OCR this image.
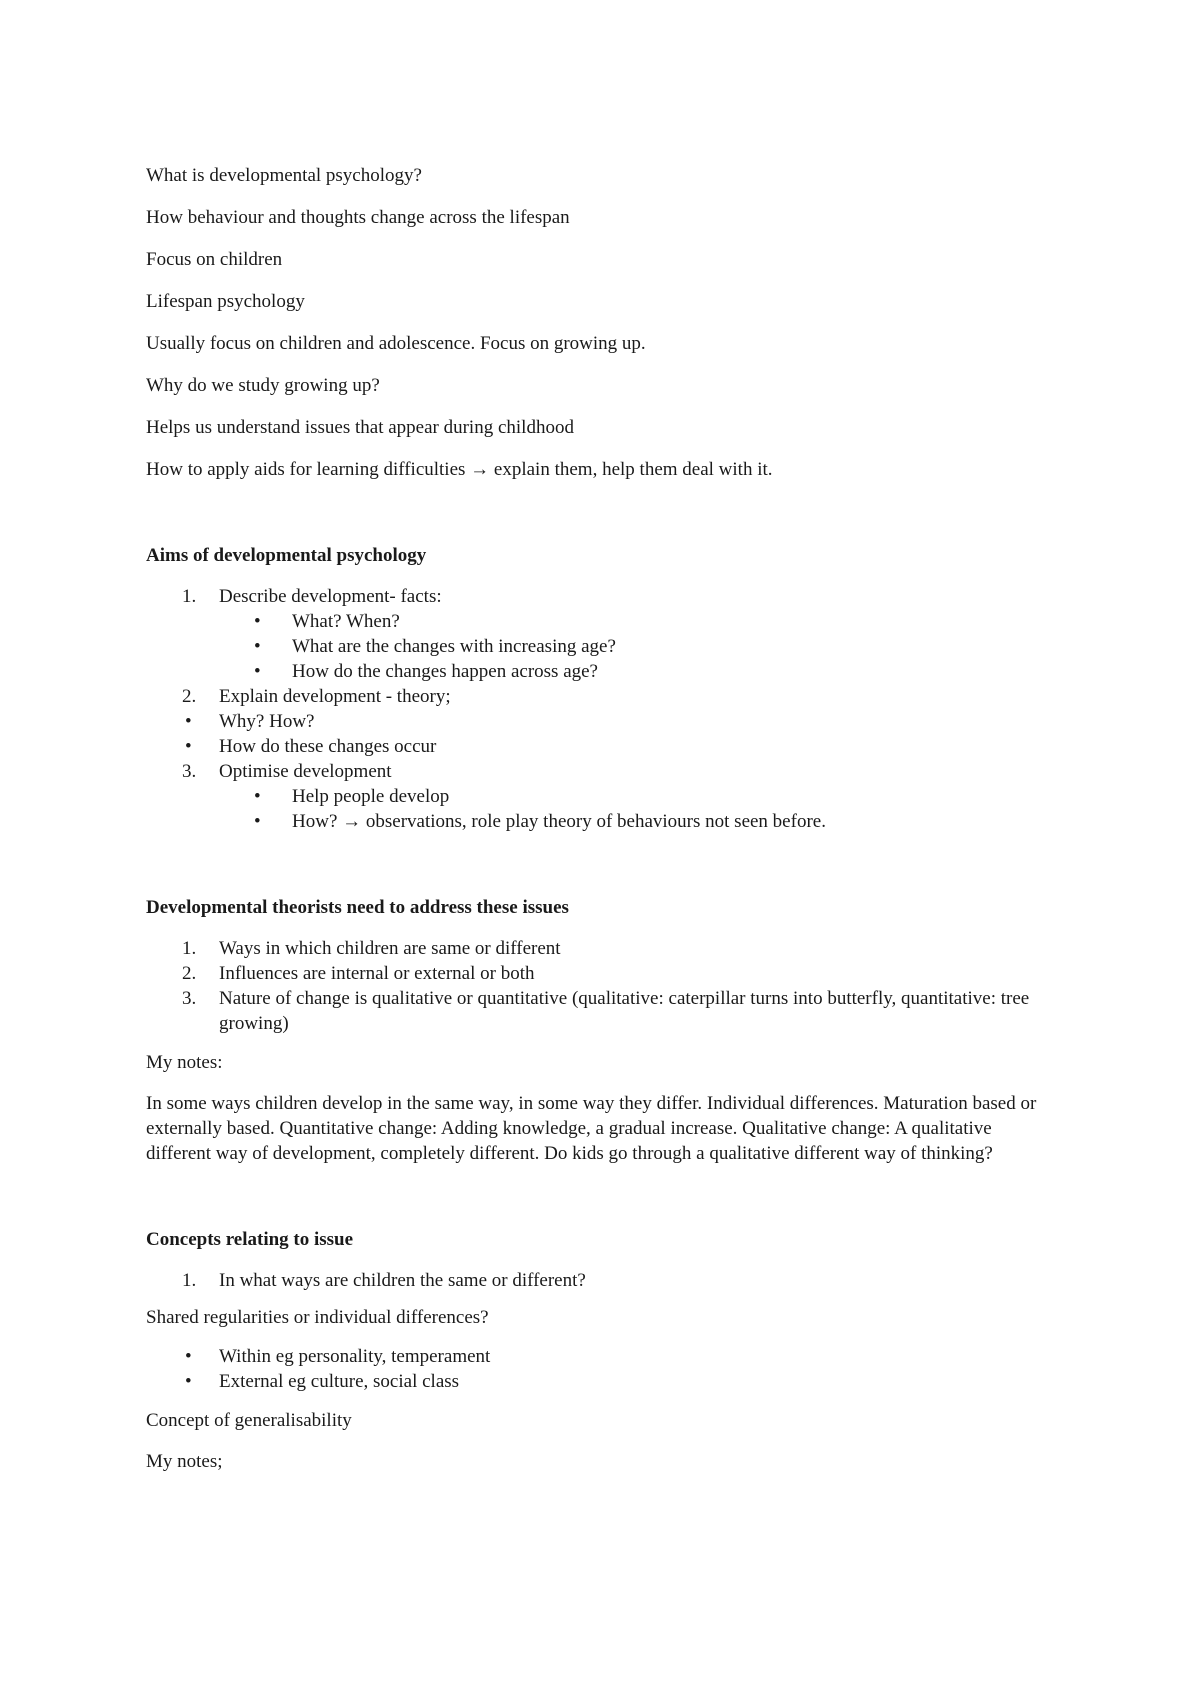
What is developmental psychology?

How behaviour and thoughts change across the lifespan

Focus on children

Lifespan psychology

Usually focus on children and adolescence. Focus on growing up.

Why do we study growing up?

Helps us understand issues that appear during childhood

How to apply aids for learning difficulties → explain them, help them deal with it.

Aims of developmental psychology

1.	Describe development- facts:
• What? When?
• What are the changes with increasing age?
• How do the changes happen across age?
2.	Explain development - theory;
• Why? How?
• How do these changes occur
3.	Optimise development
• Help people develop
• How? → observations, role play theory of behaviours not seen before.

Developmental theorists need to address these issues

1.	Ways in which children are same or different
2.	Influences are internal or external or both
3.	Nature of change is qualitative or quantitative (qualitative: caterpillar turns into butterfly, quantitative: tree growing)

My notes:

In some ways children develop in the same way, in some way they differ. Individual differences. Maturation based or externally based. Quantitative change: Adding knowledge, a gradual increase. Qualitative change: A qualitative different way of development, completely different. Do kids go through a qualitative different way of thinking?

Concepts relating to issue

1.	In what ways are children the same or different?

Shared regularities or individual differences?

• Within eg personality, temperament
• External eg culture, social class

Concept of generalisability

My notes;
